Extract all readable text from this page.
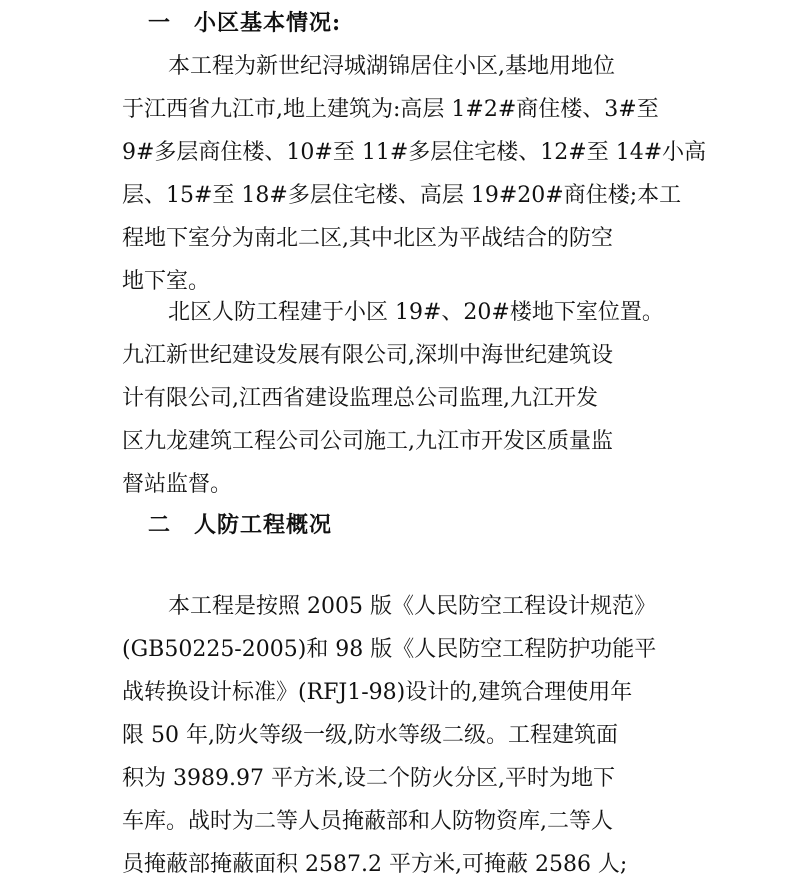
一 小区基本情况:
本工程为新世纪浔城湖锦居住小区,基地用地位
于江西省九江市,地上建筑为:高层 1#2#商住楼、3#至
9#多层商住楼、10#至 11#多层住宅楼、12#至 14#小高
层、15#至 18#多层住宅楼、高层 19#20#商住楼;本工
程地下室分为南北二区,其中北区为平战结合的防空
地下室。
北区人防工程建于小区 19#、20#楼地下室位置。
九江新世纪建设发展有限公司,深圳中海世纪建筑设
计有限公司,江西省建设监理总公司监理,九江开发
区九龙建筑工程公司公司施工,九江市开发区质量监
督站监督。
二 人防工程概况
本工程是按照 2005 版《人民防空工程设计规范》
(GB50225-2005)和 98 版《人民防空工程防护功能平
战转换设计标准》(RFJ1-98)设计的,建筑合理使用年
限 50 年,防火等级一级,防水等级二级。工程建筑面
积为 3989.97 平方米,设二个防火分区,平时为地下
车库。战时为二等人员掩蔽部和人防物资库,二等人
员掩蔽部掩蔽面积 2587.2 平方米,可掩蔽 2586 人;
